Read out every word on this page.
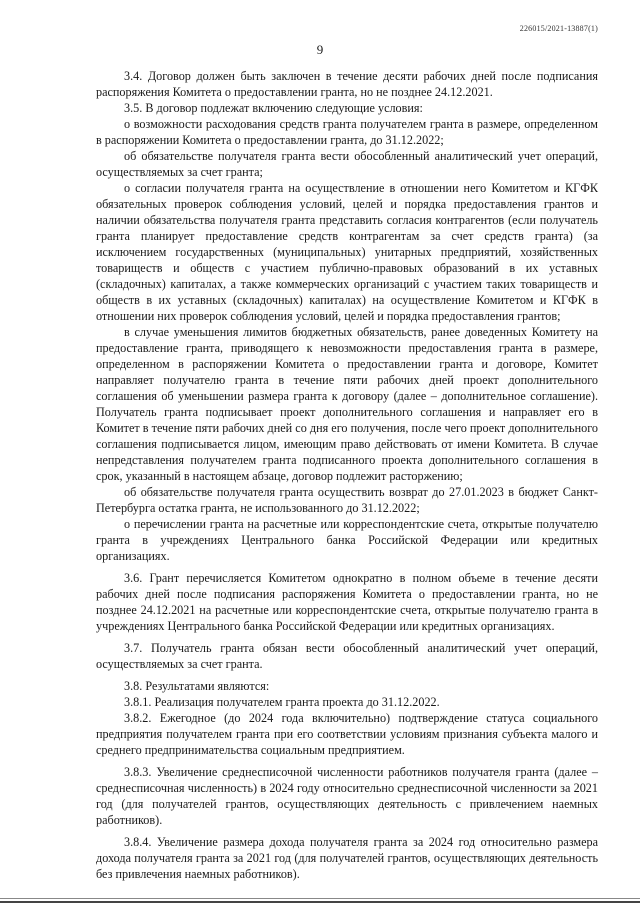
226015/2021-13887(1)
9

3.4. Договор должен быть заключен в течение десяти рабочих дней после подписания распоряжения Комитета о предоставлении гранта, но не позднее 24.12.2021.

3.5. В договор подлежат включению следующие условия:

о возможности расходования средств гранта получателем гранта в размере, определенном в распоряжении Комитета о предоставлении гранта, до 31.12.2022;

об обязательстве получателя гранта вести обособленный аналитический учет операций, осуществляемых за счет гранта;

о согласии получателя гранта на осуществление в отношении него Комитетом и КГФК обязательных проверок соблюдения условий, целей и порядка предоставления грантов и наличии обязательства получателя гранта представить согласия контрагентов (если получатель гранта планирует предоставление средств контрагентам за счет средств гранта) (за исключением государственных (муниципальных) унитарных предприятий, хозяйственных товариществ и обществ с участием публично-правовых образований в их уставных (складочных) капиталах, а также коммерческих организаций с участием таких товариществ и обществ в их уставных (складочных) капиталах) на осуществление Комитетом и КГФК в отношении них проверок соблюдения условий, целей и порядка предоставления грантов;

в случае уменьшения лимитов бюджетных обязательств, ранее доведенных Комитету на предоставление гранта, приводящего к невозможности предоставления гранта в размере, определенном в распоряжении Комитета о предоставлении гранта и договоре, Комитет направляет получателю гранта в течение пяти рабочих дней проект дополнительного соглашения об уменьшении размера гранта к договору (далее – дополнительное соглашение). Получатель гранта подписывает проект дополнительного соглашения и направляет его в Комитет в течение пяти рабочих дней со дня его получения, после чего проект дополнительного соглашения подписывается лицом, имеющим право действовать от имени Комитета. В случае непредставления получателем гранта подписанного проекта дополнительного соглашения в срок, указанный в настоящем абзаце, договор подлежит расторжению;

об обязательстве получателя гранта осуществить возврат до 27.01.2023 в бюджет Санкт-Петербурга остатка гранта, не использованного до 31.12.2022;

о перечислении гранта на расчетные или корреспондентские счета, открытые получателю гранта в учреждениях Центрального банка Российской Федерации или кредитных организациях.

3.6. Грант перечисляется Комитетом однократно в полном объеме в течение десяти рабочих дней после подписания распоряжения Комитета о предоставлении гранта, но не позднее 24.12.2021 на расчетные или корреспондентские счета, открытые получателю гранта в учреждениях Центрального банка Российской Федерации или кредитных организациях.

3.7. Получатель гранта обязан вести обособленный аналитический учет операций, осуществляемых за счет гранта.

3.8. Результатами являются:

3.8.1. Реализация получателем гранта проекта до 31.12.2022.

3.8.2. Ежегодное (до 2024 года включительно) подтверждение статуса социального предприятия получателем гранта при его соответствии условиям признания субъекта малого и среднего предпринимательства социальным предприятием.

3.8.3. Увеличение среднесписочной численности работников получателя гранта (далее – среднесписочная численность) в 2024 году относительно среднесписочной численности за 2021 год (для получателей грантов, осуществляющих деятельность с привлечением наемных работников).

3.8.4. Увеличение размера дохода получателя гранта за 2024 год относительно размера дохода получателя гранта за 2021 год (для получателей грантов, осуществляющих деятельность без привлечения наемных работников).
